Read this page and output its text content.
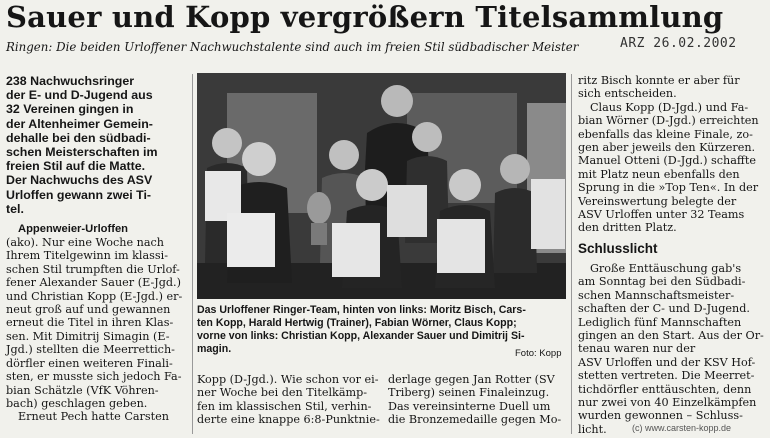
Sauer und Kopp vergrößern Titelsammlung
Ringen: Die beiden Urloffener Nachwuchstalente sind auch im freien Stil südbadischer Meister	ARZ 26.02.2002
238 Nachwuchsringer
der E- und D-Jugend aus
32 Vereinen gingen in
der Altenheimer Gemein-
dehalle bei den südbadi-
schen Meisterschaften im
freien Stil auf die Matte.
Der Nachwuchs des ASV
Urloffen gewann zwei Ti-
tel.
Appenweier-Urloffen
(ako). Nur eine Woche nach
Ihrem Titelgewinn im klassi-
schen Stil trumpften die Urlof-
fener Alexander Sauer (E-Jgd.)
und Christian Kopp (E-Jgd.) er-
neut groß auf und gewannen
erneut die Titel in ihren Klas-
sen. Mit Dimitrij Simagin (E-
Jgd.) stellten die Meerrettich-
dörfler einen weiteren Finali-
sten, er musste sich jedoch Fa-
bian Schätzle (VfK Vöhren-
bach) geschlagen geben.
Erneut Pech hatte Carsten
Das Urloffener Ringer-Team, hinten von links: Moritz Bisch, Cars-
ten Kopp, Harald Hertwig (Trainer), Fabian Wörner, Claus Kopp;
vorne von links: Christian Kopp, Alexander Sauer und Dimitrij Si-
magin.	Foto: Kopp
Kopp (D-Jgd.). Wie schon vor ei-
ner Woche bei den Titelkämp-
fen im klassischen Stil, verhin-
derte eine knappe 6:8-Punktnie-
derlage gegen Jan Rotter (SV
Triberg) seinen Finaleinzug.
Das vereinsinterne Duell um
die Bronzemedaille gegen Mo-
ritz Bisch konnte er aber für
sich entscheiden.
Claus Kopp (D-Jgd.) und Fa-
bian Wörner (D-Jgd.) erreichten
ebenfalls das kleine Finale, zo-
gen aber jeweils den Kürzeren.
Manuel Otteni (D-Jgd.) schaffte
mit Platz neun ebenfalls den
Sprung in die »Top Ten«. In der
Vereinswertung belegte der
ASV Urloffen unter 32 Teams
den dritten Platz.
Schlusslicht
Große Enttäuschung gab's
am Sonntag bei den Südbadi-
schen Mannschaftsmeister-
schaften der C- und D-Jugend.
Lediglich fünf Mannschaften
gingen an den Start. Aus der Or-
tenau waren nur der
ASV Urloffen und der KSV Hof-
stetten vertreten. Die Meerret-
tichdörfler enttäuschten, denn
nur zwei von 40 Einzelkämpfen
wurden gewonnen – Schluss-
licht.	(c) www.carsten-kopp.de
